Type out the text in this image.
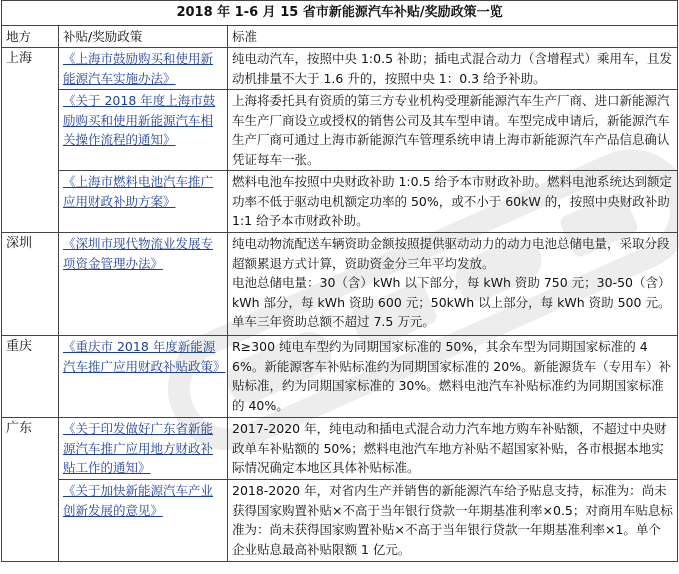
2018 年 1-6 月 15 省市新能源汽车补贴/奖励政策一览		
地方	补贴/奖励政策	标准
上海	《上海市鼓励购买和使用新能源汽车实施办法》	纯电动汽车，按照中央 1:0.5 补助；插电式混合动力（含增程式）乘用车，且发动机排量不大于 1.6 升的，按照中央 1：0.3 给予补助。
	《关于 2018 年度上海市鼓励购买和使用新能源汽车相关操作流程的通知》	上海将委托具有资质的第三方专业机构受理新能源汽车生产厂商、进口新能源汽车生产厂商设立或授权的销售公司及其车型申请。车型完成申请后，新能源汽车生产厂商可通过上海市新能源汽车管理系统申请上海市新能源汽车产品信息确认凭证每车一张。
	《上海市燃料电池汽车推广应用财政补助方案》	燃料电池车按照中央财政补助 1:0.5 给予本市财政补助。燃料电池系统达到额定功率不低于驱动电机额定功率的 50%，或不小于 60kW 的，按照中央财政补助 1:1 给予本市财政补助。
深圳	《深圳市现代物流业发展专项资金管理办法》	纯电动物流配送车辆资助金额按照提供驱动动力的动力电池总储电量，采取分段超额累退方式计算，资助资金分三年平均发放。
电池总储电量：30（含）kWh 以下部分，每 kWh 资助 750 元；30-50（含）kWh 部分，每 kWh 资助 600 元；50kWh 以上部分，每 kWh 资助 500 元。单车三年资助总额不超过 7.5 万元。
重庆	《重庆市 2018 年度新能源汽车推广应用财政补贴政策》	R≥300 纯电车型约为同期国家标准的 50%，其余车型为同期国家标准的 46%。新能源客车补贴标准约为同期国家标准的 20%。新能源货车（专用车）补贴标准，约为同期国家标准的 30%。燃料电池汽车补贴标准约为同期国家标准的 40%。
广东	《关于印发做好广东省新能源汽车推广应用地方财政补贴工作的通知》	2017-2020 年，纯电动和插电式混合动力汽车地方购车补贴额，不超过中央财政单车补贴额的 50%；燃料电池汽车地方补贴不超国家补贴，各市根据本地实际情况确定本地区具体补贴标准。
	《关于加快新能源汽车产业创新发展的意见》	2018-2020 年，对省内生产并销售的新能源汽车给予贴息支持，标准为：尚未获得国家购置补贴×不高于当年银行贷款一年期基准利率×0.5；对商用车贴息标准为：尚未获得国家购置补贴×不高于当年银行贷款一年期基准利率×1。单个企业贴息最高补贴限额 1 亿元。
